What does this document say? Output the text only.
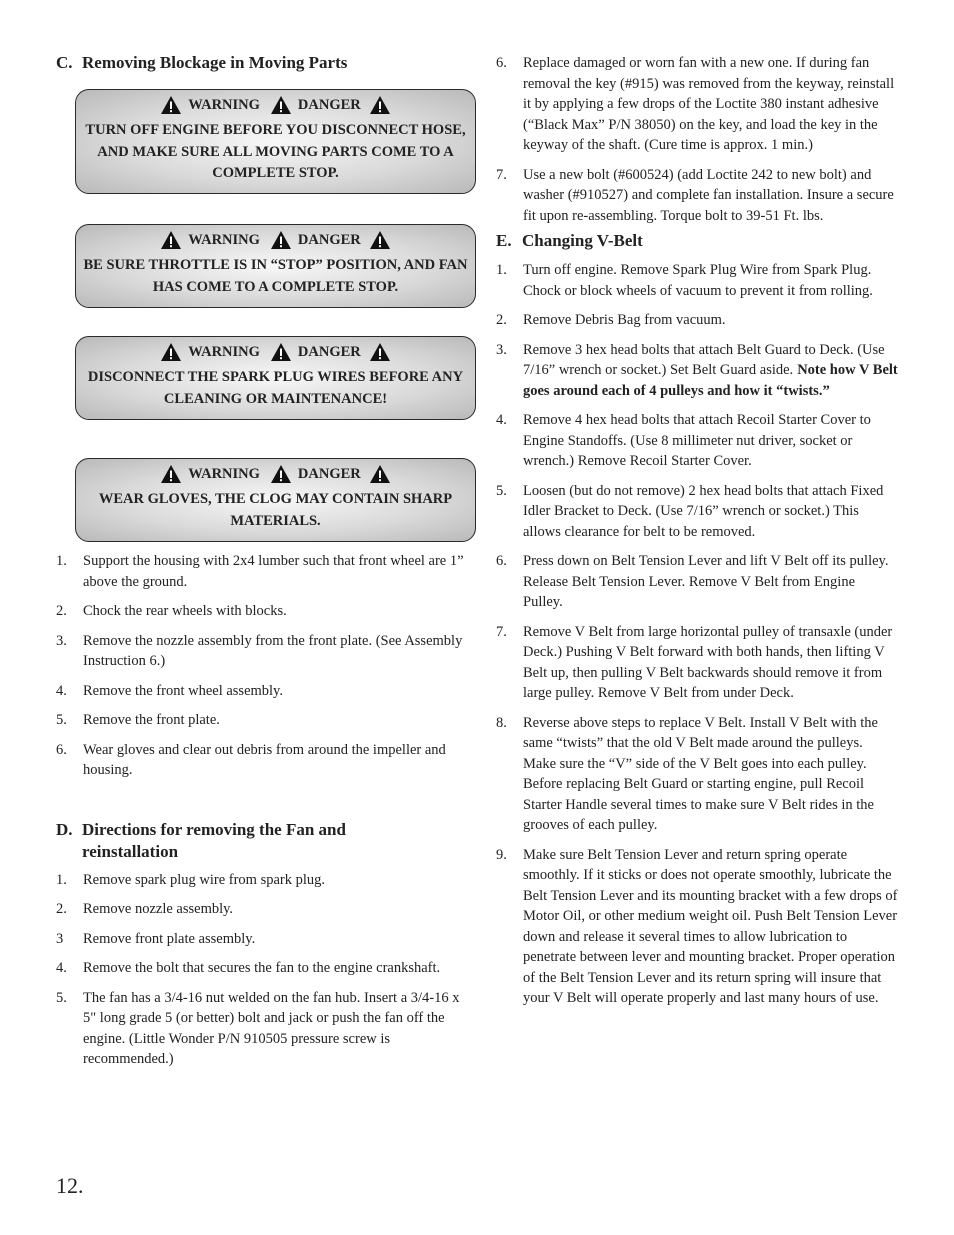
C. Removing Blockage in Moving Parts
WARNING	DANGER
TURN OFF ENGINE BEFORE YOU DISCONNECT HOSE, AND MAKE SURE ALL MOVING PARTS COME TO A COMPLETE STOP.
WARNING	DANGER
BE SURE THROTTLE IS IN “STOP” POSITION, AND FAN HAS COME TO A COMPLETE STOP.
WARNING	DANGER
DISCONNECT THE SPARK PLUG WIRES BEFORE ANY CLEANING OR MAINTENANCE!
WARNING	DANGER
WEAR GLOVES, THE CLOG MAY CONTAIN SHARP MATERIALS.
1.	Support the housing with 2x4 lumber such that front wheel are 1” above the ground.
2.	Chock the rear wheels with blocks.
3.	Remove the nozzle assembly from the front plate. (See Assembly Instruction 6.)
4.	Remove the front wheel assembly.
5.	Remove the front plate.
6.	Wear gloves and clear out debris from around the impeller and housing.
D. Directions for removing the Fan and reinstallation
1.	Remove spark plug wire from spark plug.
2.	Remove nozzle assembly.
3	Remove front plate assembly.
4.	Remove the bolt that secures the fan to the engine crankshaft.
5.	The fan has a 3/4-16 nut welded on the fan hub. Insert a 3/4-16 x 5" long grade 5 (or better) bolt and jack or push the fan off the engine. (Little Wonder P/N 910505 pressure screw is recommended.)
6.	Replace damaged or worn fan with a new one. If during fan removal the key (#915) was removed from the keyway, reinstall it by applying a few drops of the Loctite 380 instant adhesive (“Black Max” P/N 38050) on the key, and load the key in the keyway of the shaft. (Cure time is approx. 1 min.)
7.	Use a new bolt (#600524) (add Loctite 242 to new bolt) and washer (#910527) and complete fan installation. Insure a secure fit upon re-assembling. Torque bolt to 39-51 Ft. lbs.
E. Changing V-Belt
1.	Turn off engine. Remove Spark Plug Wire from Spark Plug. Chock or block wheels of vacuum to prevent it from rolling.
2.	Remove Debris Bag from vacuum.
3.	Remove 3 hex head bolts that attach Belt Guard to Deck. (Use 7/16” wrench or socket.) Set Belt Guard aside. Note how V Belt goes around each of 4 pulleys and how it “twists.”
4.	Remove 4 hex head bolts that attach Recoil Starter Cover to Engine Standoffs. (Use 8 millimeter nut driver, socket or wrench.) Remove Recoil Starter Cover.
5.	Loosen (but do not remove) 2 hex head bolts that attach Fixed Idler Bracket to Deck. (Use 7/16” wrench or socket.) This allows clearance for belt to be removed.
6.	Press down on Belt Tension Lever and lift V Belt off its pulley. Release Belt Tension Lever. Remove V Belt from Engine Pulley.
7.	Remove V Belt from large horizontal pulley of transaxle (under Deck.) Pushing V Belt forward with both hands, then lifting V Belt up, then pulling V Belt backwards should remove it from large pulley. Remove V Belt from under Deck.
8.	Reverse above steps to replace V Belt. Install V Belt with the same “twists” that the old V Belt made around the pulleys. Make sure the “V” side of the V Belt goes into each pulley. Before replacing Belt Guard or starting engine, pull Recoil Starter Handle several times to make sure V Belt rides in the grooves of each pulley.
9.	Make sure Belt Tension Lever and return spring operate smoothly. If it sticks or does not operate smoothly, lubricate the Belt Tension Lever and its mounting bracket with a few drops of Motor Oil, or other medium weight oil. Push Belt Tension Lever down and release it several times to allow lubrication to penetrate between lever and mounting bracket. Proper operation of the Belt Tension Lever and its return spring will insure that your V Belt will operate properly and last many hours of use.
12.
